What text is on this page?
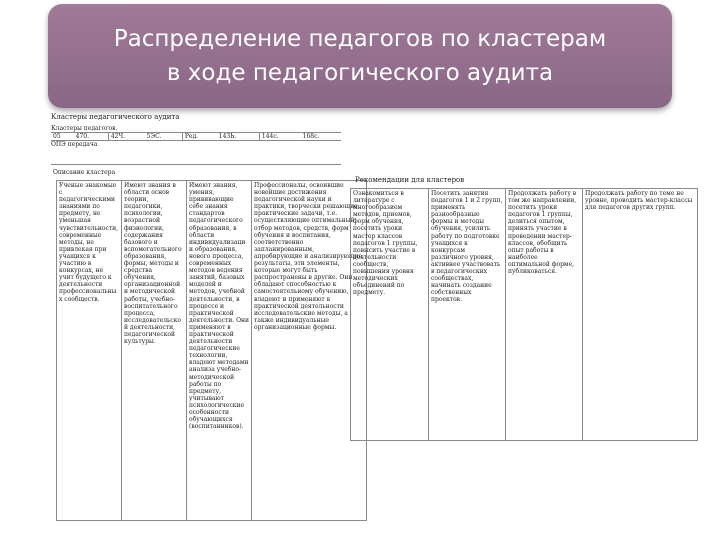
Распределение педагогов по кластерам
в ходе педагогического аудита
Кластеры педагогического аудита
Кластеры педагогов.
05	470.	42Ч.	5ЭС.	Ред.	143Ь.	144с.	168с.
ОПЭ передача
Описание кластера
Ученые знакомые с педагогическими знаниями по предмету, не уменьшая чувствительности, современные методы, не привлекая при учащихся к участию в конкурсах, не учит будущего к деятельности профессиональных сообществ.	Имеют знания в области основ теории, педагогики, психологии, возрастной физиологии, содержания базового и вспомогательного образования, формы, методы и средства обучения, организационной и методической работы, учебно-воспитательного процесса, исследовательской деятельности, педагогической культуры.	Имеют знания, умения, прививающие себе знания стандартов педагогического образования, в области индивидуализации образования, нового процесса, современных методов ведения занятий, базовых моделей и методов, учебной деятельности, в процессе и практической деятельности. Они применяют в практической деятельности педагогические технологии, владеют методами анализа учебно-методической работы по предмету, учитывают психологические особенности обучающихся (воспитанников).	Профессионалы, освоившие новейшие достижения педагогической науки и практики, творчески решающие практические задачи, т.е. осуществляющие оптимальный отбор методов, средств, форм обучения и воспитания, соответственно запланированным, апробирующие и анализирующие результаты, эти элементы, которые могут быть распространены в другие. Они обладают способностью к самостоятельному обучению, владеют и применяют в практической деятельности исследовательские методы, а также индивидуальные организационные формы.
Рекомендации для кластеров
Ознакомиться в литературе с многообразием методов, приемов, форм обучения, посетить уроки мастер классов педагогов 1 группы, повысить участие в деятельности сообществ, повышения уровня методических объединений по предмету.	Посетить занятия педагогов 1 и 2 групп, применять разнообразные формы и методы обучения, усилить работу по подготовке учащихся к конкурсам различного уровня, активнее участвовать в педагогических сообществах, начинать создание собственных проектов.	Продолжать работу в том же направлении, посетить уроки педагогов 1 группы, делиться опытом, принять участие в проведении мастер-классов, обобщить опыт работы в наиболее оптимальной форме, публиковаться.	Продолжать работу по теме не уровне, проводить мастер-классы для педагогов других групп.
